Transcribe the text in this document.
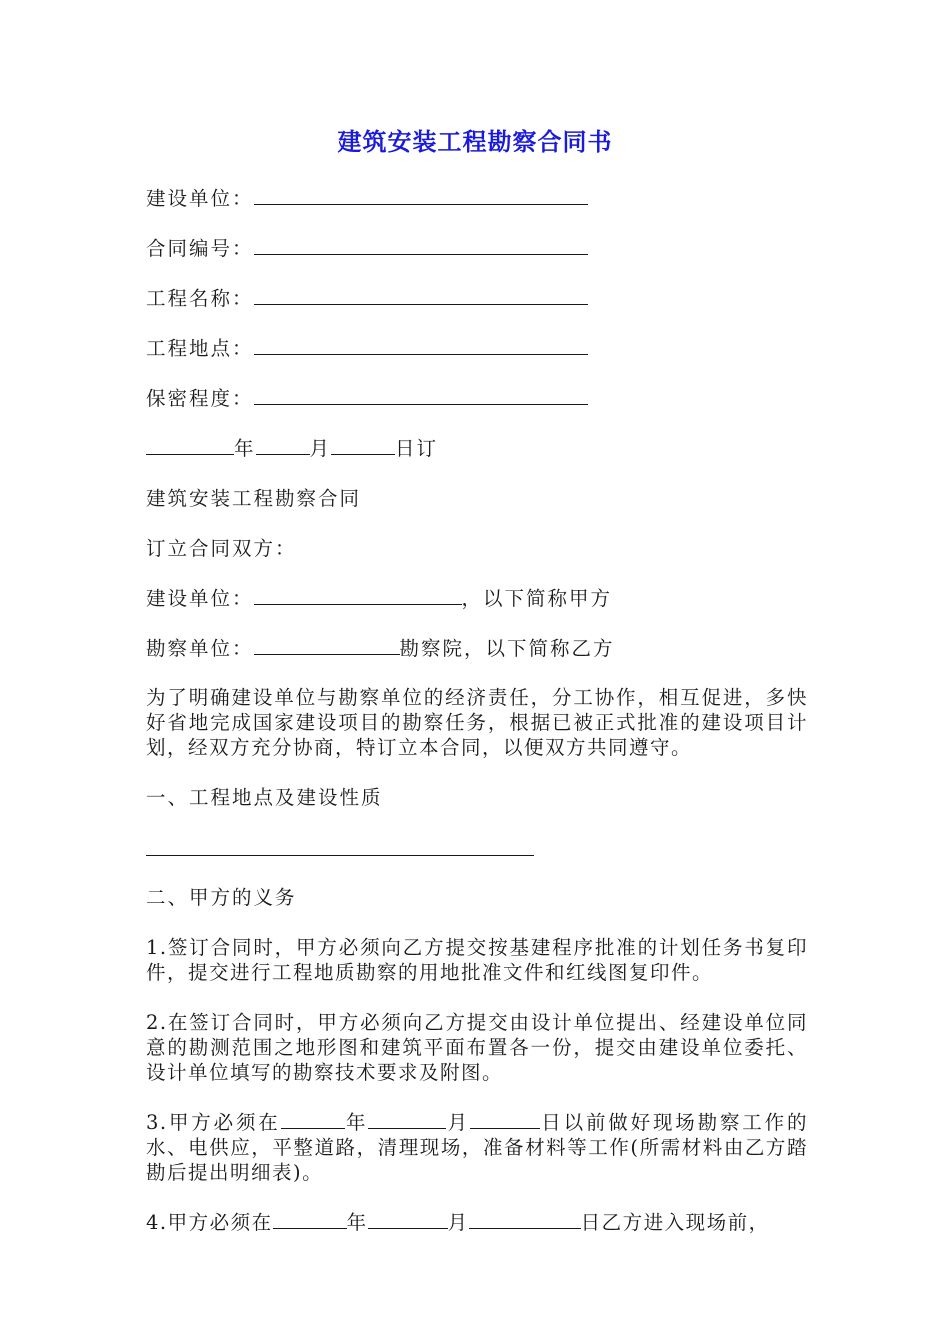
建筑安装工程勘察合同书
建设单位：
合同编号：
工程名称：
工程地点：
保密程度：
年	月	日订
建筑安装工程勘察合同
订立合同双方：
建设单位：	，以下简称甲方
勘察单位：	勘察院，以下简称乙方
为了明确建设单位与勘察单位的经济责任，分工协作，相互促进，多快好省地完成国家建设项目的勘察任务，根据已被正式批准的建设项目计划，经双方充分协商，特订立本合同，以便双方共同遵守。
一、工程地点及建设性质
二、甲方的义务
1.签订合同时，甲方必须向乙方提交按基建程序批准的计划任务书复印件，提交进行工程地质勘察的用地批准文件和红线图复印件。
2.在签订合同时，甲方必须向乙方提交由设计单位提出、经建设单位同意的勘测范围之地形图和建筑平面布置各一份，提交由建设单位委托、设计单位填写的勘察技术要求及附图。
3.甲方必须在	年	月	日以前做好现场勘察工作的水、电供应，平整道路，清理现场，准备材料等工作(所需材料由乙方踏勘后提出明细表)。
4.甲方必须在	年	月	日乙方进入现场前，
